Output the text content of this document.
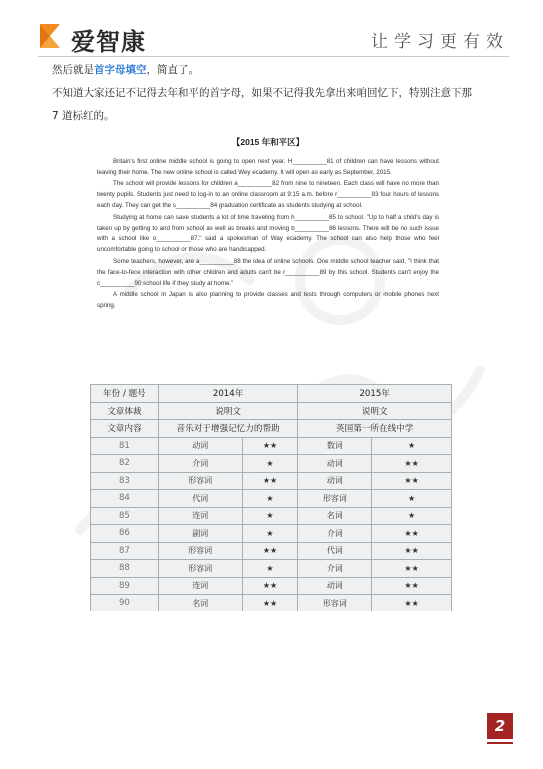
爱智康	让学习更有效
然后就是首字母填空，简直了。
不知道大家还记不记得去年和平的首字母，如果不记得我先拿出来咱回忆下，特别注意下那
7 道标红的。
【2015 年和平区】

Britain's first online middle school is going to open next year. H__________81 of children can have lessons without leaving their home. The new online school is called Wey ecademy. It will open as early as September, 2015.

The school will provide lessons for children a__________82 from nine to nineteen. Each class will have no more than twenty pupils. Students just need to log-in to an online classroom at 9:15 a.m. before r__________83 four hours of lessons each day. They can get the s__________84 graduation certificate as students studying at school.

Studying at home can save students a lot of time traveling from h__________85 to school. "Up to half a child's day is taken up by getting to and from school as well as breaks and moving b__________86 lessons. There will be no such issue with a school like o__________87." said a spokesman of Way ecademy. The school can also help those who feel uncomfortable going to school or those who are handicapped.

Some teachers, however, are a__________88 the idea of online schools. One middle school teacher said, "I think that the face-to-fece interaction with other children and adults can't be r__________89 by this school. Students can't enjoy the c__________90 school life if they study at home."

A middle school in Japan is also planning to provide classes and tests through computers or mobile phones next spring.

年份 / 题号	2014年		2015年	
文章体裁	说明文		说明文	
文章内容	音乐对于增强记忆力的帮助		英国第一所在线中学	
81	动词	★★	数词	★
82	介词	★	动词	★★
83	形容词	★★	动词	★★
84	代词	★	形容词	★
85	连词	★	名词	★
86	副词	★	介词	★★
87	形容词	★★	代词	★★
88	形容词	★	介词	★★
89	连词	★★	动词	★★
90	名词	★★	形容词	★★
2
